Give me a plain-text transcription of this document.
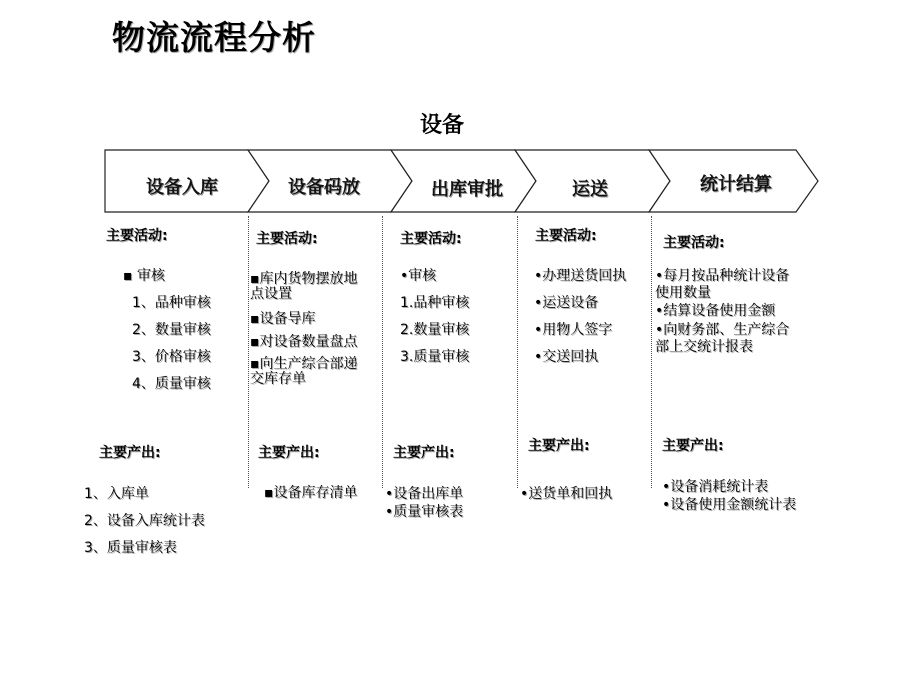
物流流程分析
设备
设备入库	设备码放	出库审批	运送	统计结算
主要活动:
▪ 审核
1、品种审核
2、数量审核
3、价格审核
4、质量审核
主要产出:
1、入库单
2、设备入库统计表
3、质量审核表
主要活动:
▪库内货物摆放地点设置
▪设备导库
▪对设备数量盘点
▪向生产综合部递交库存单
主要产出:
▪设备库存清单
主要活动:
•审核
1.品种审核
2.数量审核
3.质量审核
主要产出:
•设备出库单
•质量审核表
主要活动:
•办理送货回执
•运送设备
•用物人签字
•交送回执
主要产出:
•送货单和回执
主要活动:
•每月按品种统计设备使用数量
•结算设备使用金额
•向财务部、生产综合部上交统计报表
主要产出:
•设备消耗统计表
•设备使用金额统计表
